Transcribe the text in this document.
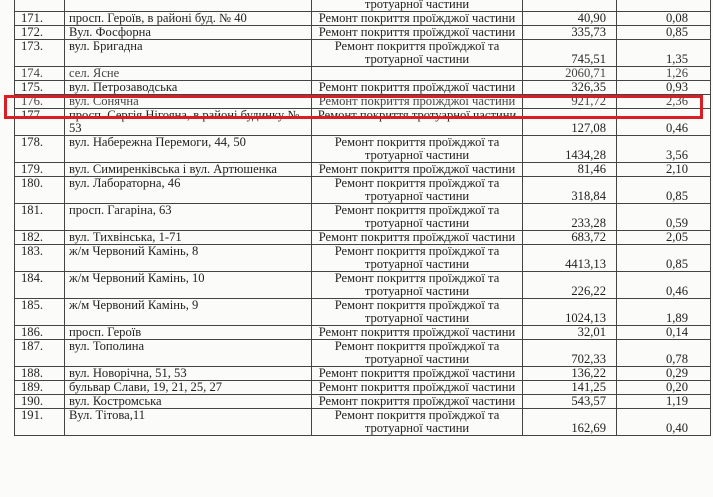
		тротуарної частини		
171.	просп. Героїв, в районі буд. № 40	Ремонт покриття проїжджої частини	40,90	0,08
172.	Вул. Фосфорна	Ремонт покриття проїжджої частини	335,73	0,85
173.	вул. Бригадна	Ремонт покриття проїжджої та тротуарної частини	745,51	1,35
174.	сел. Ясне		2060,71	1,26
175.	вул. Петрозаводська	Ремонт покриття проїжджої частини	326,35	0,93
176.	вул. Сонячна	Ремонт покриття проїжджої частини	921,72	2,36
177.	просп. Сергія Нігояна, в районі будинку № 53	Ремонт покриття тротуарної частини	127,08	0,46
178.	вул. Набережна Перемоги, 44, 50	Ремонт покриття проїжджої та тротуарної частини	1434,28	3,56
179.	вул. Симиренківська і вул. Артюшенка	Ремонт покриття проїжджої частини	81,46	2,10
180.	вул. Лабораторна, 46	Ремонт покриття проїжджої та тротуарної частини	318,84	0,85
181.	просп. Гагаріна, 63	Ремонт покриття проїжджої та тротуарної частини	233,28	0,59
182.	вул. Тихвінська, 1-71	Ремонт покриття проїжджої частини	683,72	2,05
183.	ж/м Червоний Камінь, 8	Ремонт покриття проїжджої та тротуарної частини	4413,13	0,85
184.	ж/м Червоний Камінь, 10	Ремонт покриття проїжджої та тротуарної частини	226,22	0,46
185.	ж/м Червоний Камінь, 9	Ремонт покриття проїжджої та тротуарної частини	1024,13	1,89
186.	просп. Героїв	Ремонт покриття проїжджої частини	32,01	0,14
187.	вул. Тополина	Ремонт покриття проїжджої та тротуарної частини	702,33	0,78
188.	вул. Новорічна, 51, 53	Ремонт покриття проїжджої частини	136,22	0,29
189.	бульвар Слави, 19, 21, 25, 27	Ремонт покриття проїжджої частини	141,25	0,20
190.	вул. Костромська	Ремонт покриття проїжджої частини	543,57	1,19
191.	Вул. Тітова,11	Ремонт покриття проїжджої та тротуарної частини	162,69	0,40
